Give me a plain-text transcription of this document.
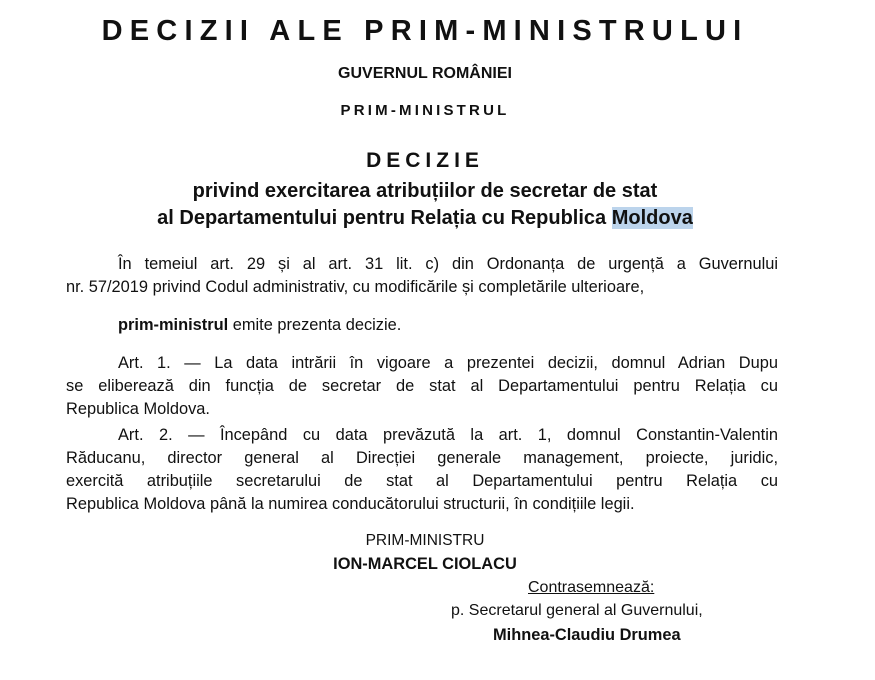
DECIZII ALE PRIM-MINISTRULUI
GUVERNUL ROMÂNIEI
PRIM-MINISTRUL
DECIZIE
privind exercitarea atribuțiilor de secretar de stat
al Departamentului pentru Relația cu Republica Moldova
În temeiul art. 29 și al art. 31 lit. c) din Ordonanța de urgență a Guvernului
nr. 57/2019 privind Codul administrativ, cu modificările și completările ulterioare,
prim-ministrul emite prezenta decizie.
Art. 1. — La data intrării în vigoare a prezentei decizii, domnul Adrian Dupu
se eliberează din funcția de secretar de stat al Departamentului pentru Relația cu
Republica Moldova.
Art. 2. — Începând cu data prevăzută la art. 1, domnul Constantin-Valentin
Răducanu, director general al Direcției generale management, proiecte, juridic,
exercită atribuțiile secretarului de stat al Departamentului pentru Relația cu
Republica Moldova până la numirea conducătorului structurii, în condițiile legii.
PRIM-MINISTRU
ION-MARCEL CIOLACU
Contrasemnează:
p. Secretarul general al Guvernului,
Mihnea-Claudiu Drumea
